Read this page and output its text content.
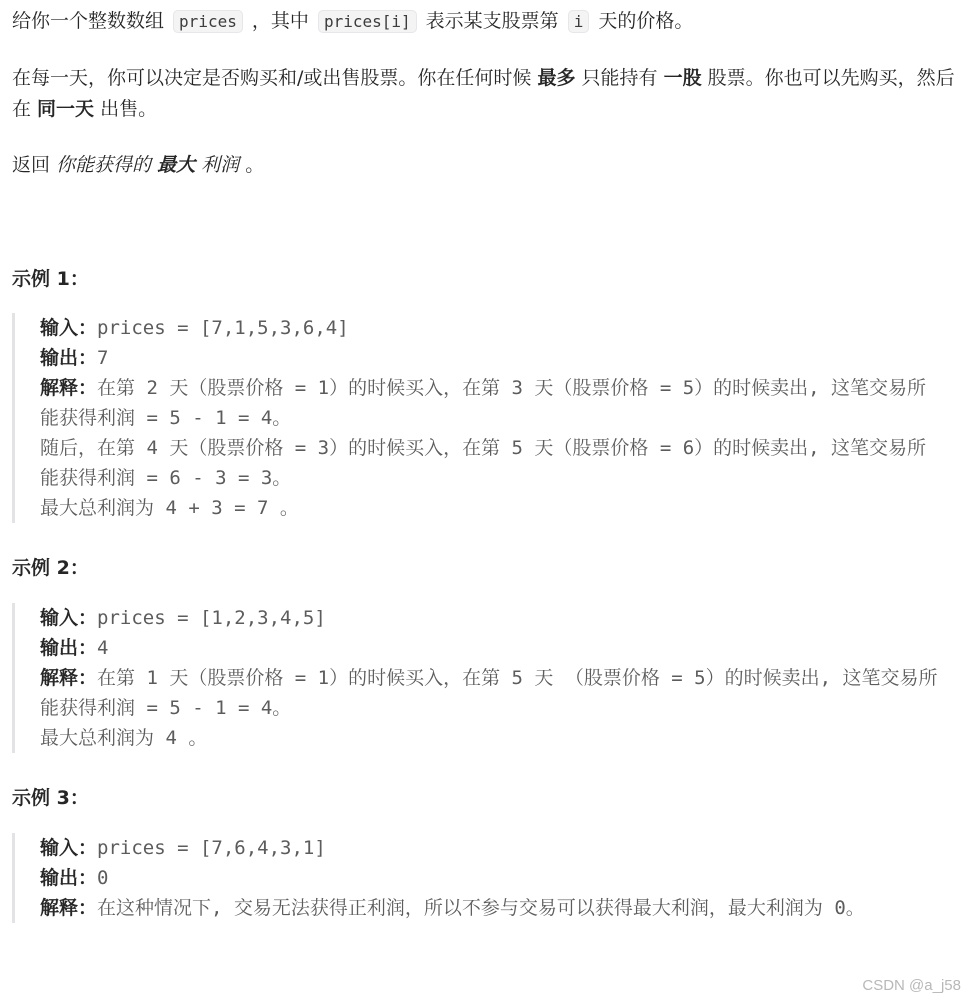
给你一个整数数组 prices ，其中 prices[i] 表示某支股票第 i 天的价格。

在每一天，你可以决定是否购买和/或出售股票。你在任何时候 最多 只能持有 一股 股票。你也可以先购买，然后在 同一天 出售。

返回 你能获得的 最大 利润 。

示例 1：
输入：prices = [7,1,5,3,6,4]
输出：7
解释：在第 2 天（股票价格 = 1）的时候买入，在第 3 天（股票价格 = 5）的时候卖出, 这笔交易所能获得利润 = 5 - 1 = 4。
随后，在第 4 天（股票价格 = 3）的时候买入，在第 5 天（股票价格 = 6）的时候卖出, 这笔交易所能获得利润 = 6 - 3 = 3。
最大总利润为 4 + 3 = 7 。
示例 2：
输入：prices = [1,2,3,4,5]
输出：4
解释：在第 1 天（股票价格 = 1）的时候买入，在第 5 天 （股票价格 = 5）的时候卖出, 这笔交易所能获得利润 = 5 - 1 = 4。
最大总利润为 4 。
示例 3：
输入：prices = [7,6,4,3,1]
输出：0
解释：在这种情况下, 交易无法获得正利润，所以不参与交易可以获得最大利润，最大利润为 0。
CSDN @a_j58
